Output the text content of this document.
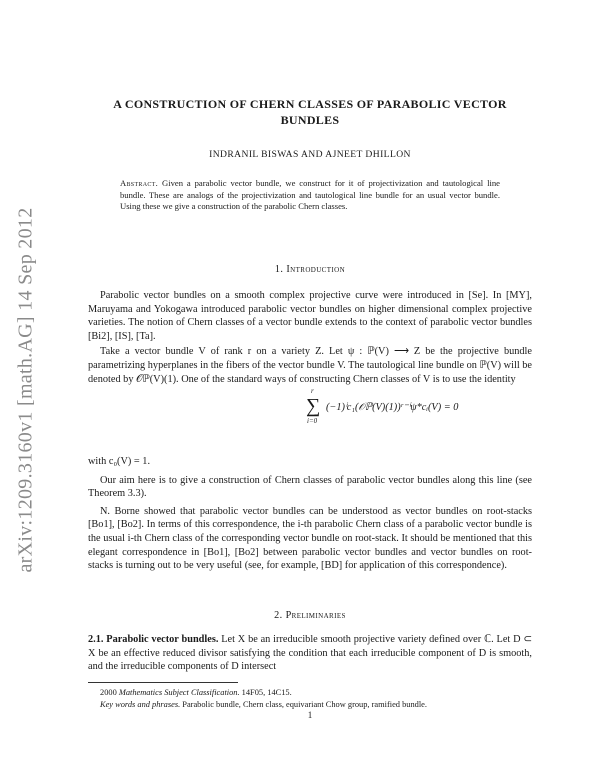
arXiv:1209.3160v1 [math.AG] 14 Sep 2012
A CONSTRUCTION OF CHERN CLASSES OF PARABOLIC VECTOR
BUNDLES
INDRANIL BISWAS AND AJNEET DHILLON
Abstract. Given a parabolic vector bundle, we construct for it of projectivization and tautological line bundle. These are analogs of the projectivization and tautological line bundle for an usual vector bundle. Using these we give a construction of the parabolic Chern classes.
1. Introduction

Parabolic vector bundles on a smooth complex projective curve were introduced in [Se]. In [MY], Maruyama and Yokogawa introduced parabolic vector bundles on higher dimensional complex projective varieties. The notion of Chern classes of a vector bundle extends to the context of parabolic vector bundles [Bi2], [IS], [Ta].

Take a vector bundle V of rank r on a variety Z. Let ψ : ℙ(V) ⟶ Z be the projective bundle parametrizing hyperplanes in the fibers of the vector bundle V. The tautological line bundle on ℙ(V) will be denoted by 𝒪ℙ(V)(1). One of the standard ways of constructing Chern classes of V is to use the identity

r
∑
i=0
(−1)ⁱc₁(𝒪ℙ(V)(1))ʳ⁻ⁱψ*cᵢ(V) = 0

with c₀(V) = 1.

Our aim here is to give a construction of Chern classes of parabolic vector bundles along this line (see Theorem 3.3).

N. Borne showed that parabolic vector bundles can be understood as vector bundles on root-stacks [Bo1], [Bo2]. In terms of this correspondence, the i-th parabolic Chern class of a parabolic vector bundle is the usual i-th Chern class of the corresponding vector bundle on root-stack. It should be mentioned that this elegant correspondence in [Bo1], [Bo2] between parabolic vector bundles and vector bundles on root-stacks is turning out to be very useful (see, for example, [BD] for application of this correspondence).

2. Preliminaries

2.1. Parabolic vector bundles. Let X be an irreducible smooth projective variety defined over ℂ. Let D ⊂ X be an effective reduced divisor satisfying the condition that each irreducible component of D is smooth, and the irreducible components of D intersect

2000 Mathematics Subject Classification. 14F05, 14C15.
Key words and phrases. Parabolic bundle, Chern class, equivariant Chow group, ramified bundle.
1
